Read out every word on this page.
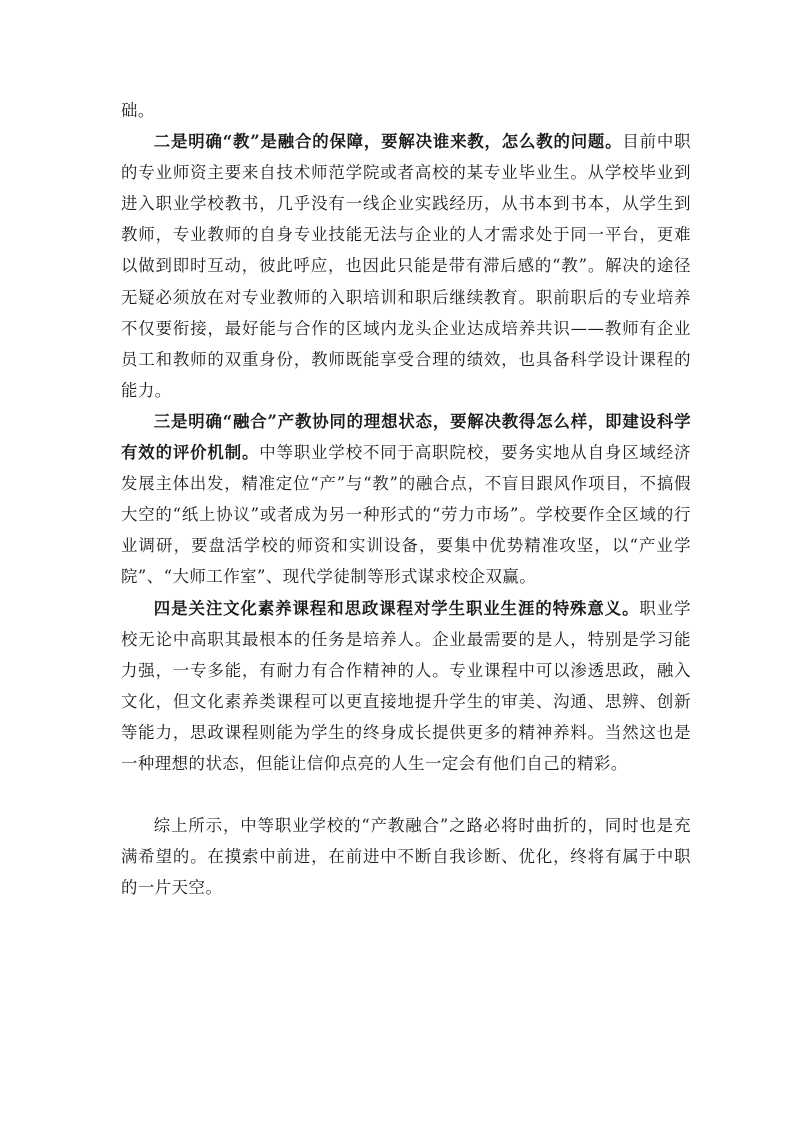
础。

二是明确“教”是融合的保障，要解决谁来教，怎么教的问题。目前中职的专业师资主要来自技术师范学院或者高校的某专业毕业生。从学校毕业到进入职业学校教书，几乎没有一线企业实践经历，从书本到书本，从学生到教师，专业教师的自身专业技能无法与企业的人才需求处于同一平台，更难以做到即时互动，彼此呼应，也因此只能是带有滞后感的“教”。解决的途径无疑必须放在对专业教师的入职培训和职后继续教育。职前职后的专业培养不仅要衔接，最好能与合作的区域内龙头企业达成培养共识——教师有企业员工和教师的双重身份，教师既能享受合理的绩效，也具备科学设计课程的能力。

三是明确“融合”产教协同的理想状态，要解决教得怎么样，即建设科学有效的评价机制。中等职业学校不同于高职院校，要务实地从自身区域经济发展主体出发，精准定位“产”与“教”的融合点，不盲目跟风作项目，不搞假大空的“纸上协议”或者成为另一种形式的“劳力市场”。学校要作全区域的行业调研，要盘活学校的师资和实训设备，要集中优势精准攻坚，以“产业学院”、“大师工作室”、现代学徒制等形式谋求校企双赢。

四是关注文化素养课程和思政课程对学生职业生涯的特殊意义。职业学校无论中高职其最根本的任务是培养人。企业最需要的是人，特别是学习能力强，一专多能，有耐力有合作精神的人。专业课程中可以渗透思政，融入文化，但文化素养类课程可以更直接地提升学生的审美、沟通、思辨、创新等能力，思政课程则能为学生的终身成长提供更多的精神养料。当然这也是一种理想的状态，但能让信仰点亮的人生一定会有他们自己的精彩。

综上所示，中等职业学校的“产教融合”之路必将时曲折的，同时也是充满希望的。在摸索中前进，在前进中不断自我诊断、优化，终将有属于中职的一片天空。
